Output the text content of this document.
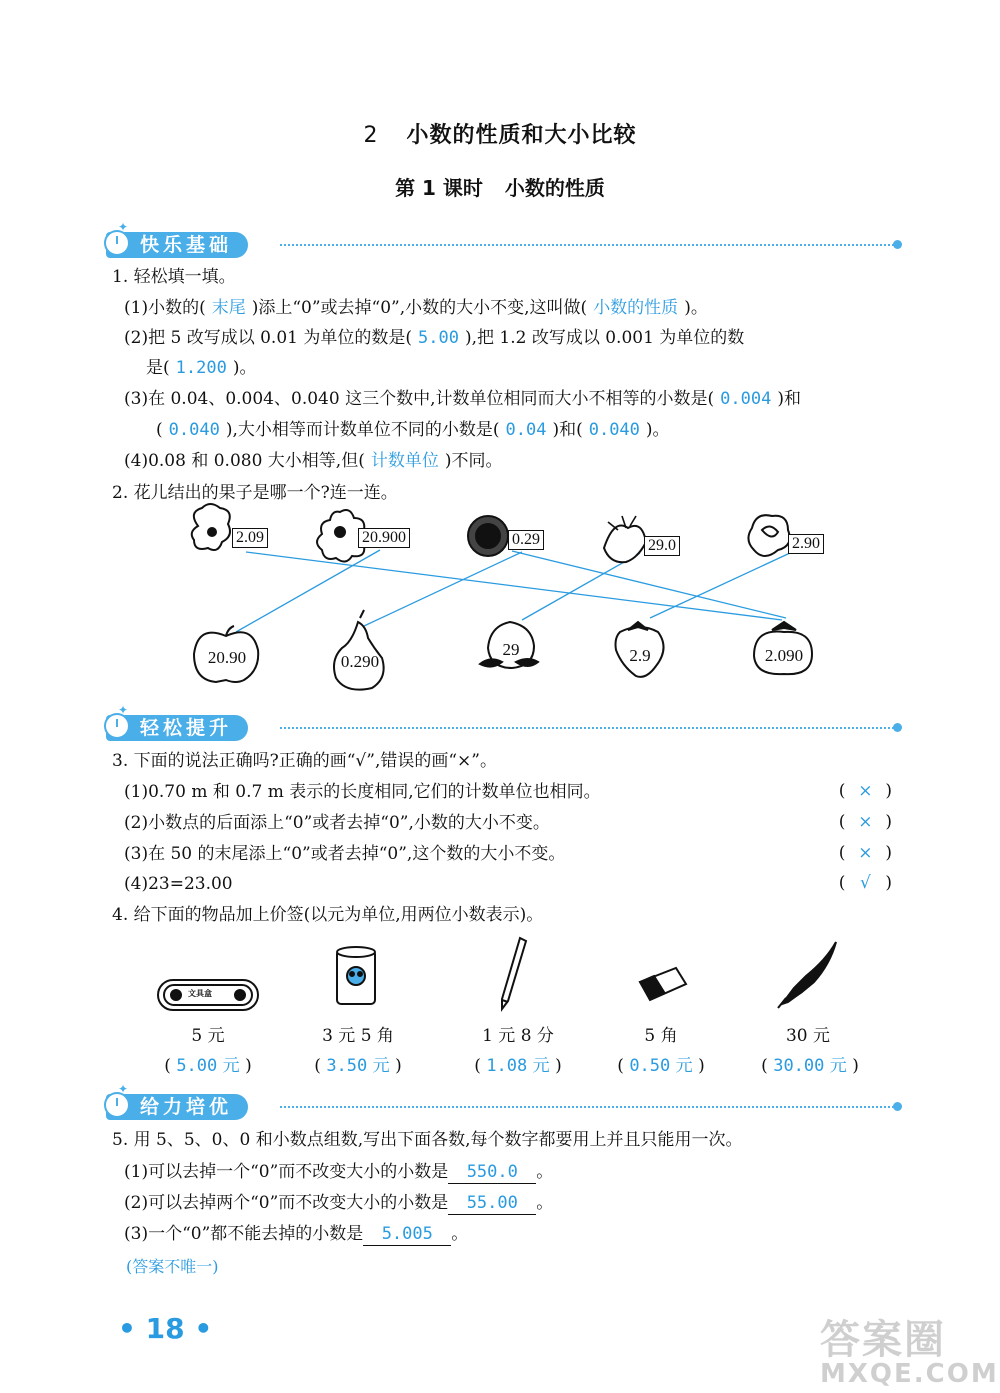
2 小数的性质和大小比较
第 1 课时 小数的性质
快乐基础
✦
1. 轻松填一填。
(1)小数的( 末尾 )添上“0”或去掉“0”,小数的大小不变,这叫做( 小数的性质 )。
(2)把 5 改写成以 0.01 为单位的数是( 5.00 ),把 1.2 改写成以 0.001 为单位的数
是( 1.200 )。
(3)在 0.04、0.004、0.040 这三个数中,计数单位相同而大小不相等的小数是( 0.004 )和
( 0.040 ),大小相等而计数单位不同的小数是( 0.04 )和( 0.040 )。
(4)0.08 和 0.080 大小相等,但( 计数单位 )不同。
2. 花儿结出的果子是哪一个?连一连。
2.09	20.900	0.29	29.0	2.90
20.90	0.290
29	2.9	2.090
轻松提升
✦
3. 下面的说法正确吗?正确的画“√”,错误的画“×”。
(1)0.70 m 和 0.7 m 表示的长度相同,它们的计数单位也相同。	( × )
(2)小数点的后面添上“0”或者去掉“0”,小数的大小不变。	( × )
(3)在 50 的末尾添上“0”或者去掉“0”,这个数的大小不变。	( × )
(4)23=23.00	( √ )
4. 给下面的物品加上价签(以元为单位,用两位小数表示)。
文具盒
5 元	3 元 5 角	1 元 8 分	5 角	30 元
( 5.00 元 )	( 3.50 元 )	( 1.08 元 )	( 0.50 元 )	( 30.00 元 )
给力培优
✦
5. 用 5、5、0、0 和小数点组数,写出下面各数,每个数字都要用上并且只能用一次。
(1)可以去掉一个“0”而不改变大小的小数是 550.0 。
(2)可以去掉两个“0”而不改变大小的小数是 55.00 。
(3)一个“0”都不能去掉的小数是 5.005 。
(答案不唯一)
• 18 •	答案圈
MXQE.COM
